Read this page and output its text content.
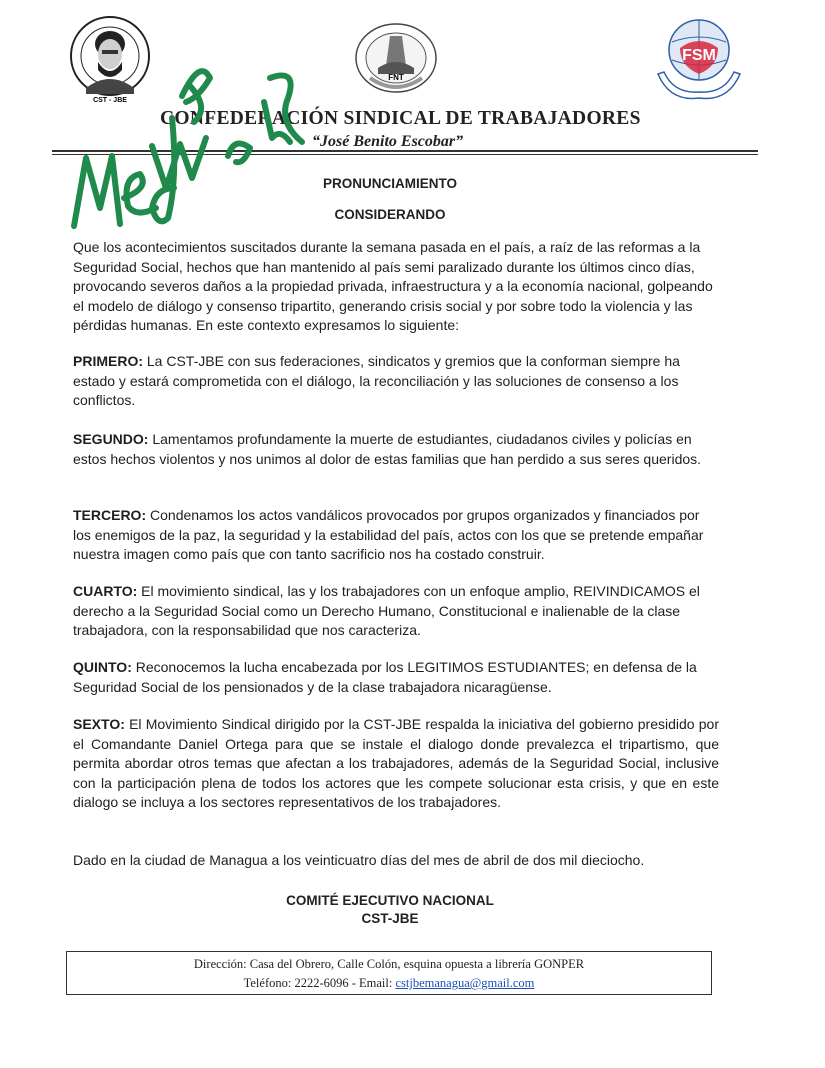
CST - JBE
FNT
FSM
CONFEDERACIÓN SINDICAL DE TRABAJADORES
“José Benito Escobar”
PRONUNCIAMIENTO
CONSIDERANDO
Que los acontecimientos suscitados durante la semana pasada en el país, a raíz de las reformas a la Seguridad Social, hechos que han mantenido al país semi paralizado durante los últimos cinco días, provocando severos daños a la propiedad privada, infraestructura y a la economía nacional, golpeando el modelo de diálogo y consenso tripartito, generando crisis social y por sobre todo la violencia y las pérdidas humanas. En este contexto expresamos lo siguiente:
PRIMERO: La CST-JBE con sus federaciones, sindicatos y gremios que la conforman siempre ha estado y estará comprometida con el diálogo, la reconciliación y las soluciones de consenso a los conflictos.
SEGUNDO: Lamentamos profundamente la muerte de estudiantes, ciudadanos civiles y policías en estos hechos violentos y nos unimos al dolor de estas familias que han perdido a sus seres queridos.
TERCERO: Condenamos los actos vandálicos provocados por grupos organizados y financiados por los enemigos de la paz, la seguridad y la estabilidad del país, actos con los que se pretende empañar nuestra imagen como país que con tanto sacrificio nos ha costado construir.
CUARTO: El movimiento sindical, las y los trabajadores con un enfoque amplio, REIVINDICAMOS el derecho a la Seguridad Social como un Derecho Humano, Constitucional e inalienable de la clase trabajadora, con la responsabilidad que nos caracteriza.
QUINTO: Reconocemos la lucha encabezada por los LEGITIMOS ESTUDIANTES; en defensa de la Seguridad Social de los pensionados y de la clase trabajadora nicaragüense.
SEXTO: El Movimiento Sindical dirigido por la CST-JBE respalda la iniciativa del gobierno presidido por el Comandante Daniel Ortega para que se instale el dialogo donde prevalezca el tripartismo, que permita abordar otros temas que afectan a los trabajadores, además de la Seguridad Social, inclusive con la participación plena de todos los actores que les compete solucionar esta crisis, y que en este dialogo se incluya a los sectores representativos de los trabajadores.
Dado en la ciudad de Managua a los veinticuatro días del mes de abril de dos mil dieciocho.
COMITÉ EJECUTIVO NACIONAL
CST-JBE
Dirección: Casa del Obrero, Calle Colón, esquina opuesta a librería GONPER
Teléfono: 2222-6096 - Email: cstjbemanagua@gmail.com
